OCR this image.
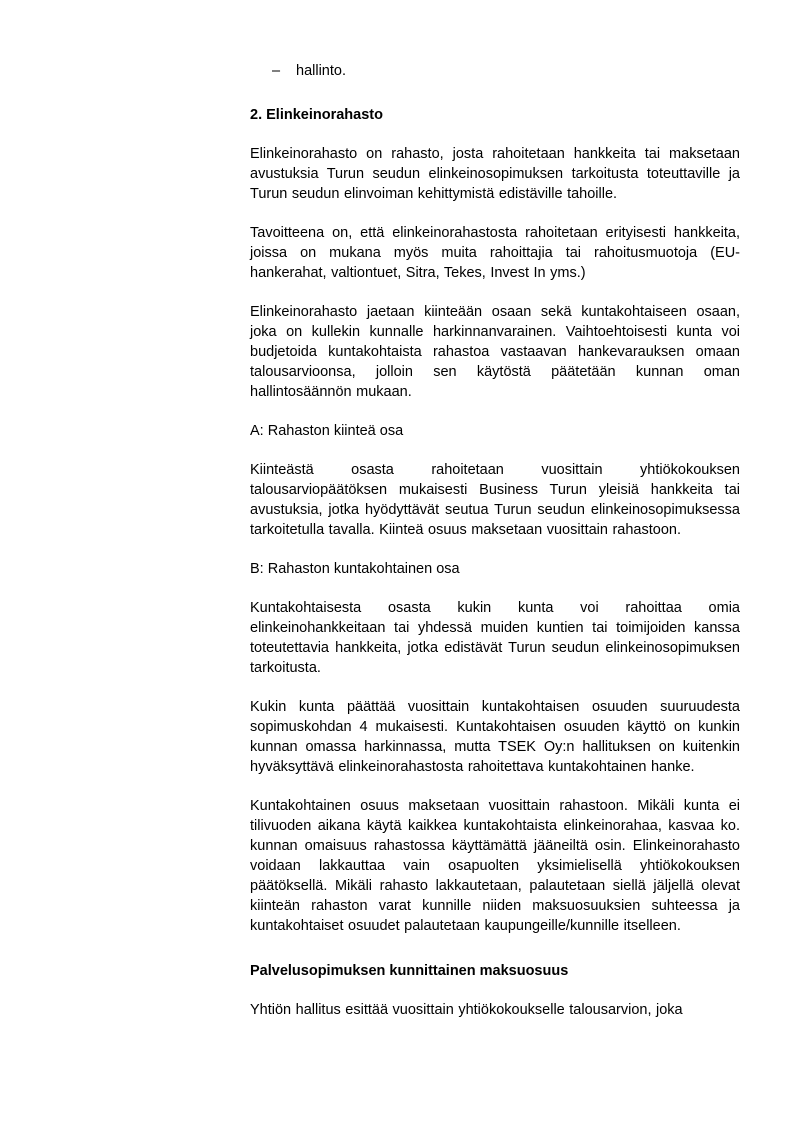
– hallinto.
2. Elinkeinorahasto

Elinkeinorahasto on rahasto, josta rahoitetaan hankkeita tai maksetaan avustuksia Turun seudun elinkeinosopimuksen tarkoitusta toteuttaville ja Turun seudun elinvoiman kehittymistä edistäville tahoille.

Tavoitteena on, että elinkeinorahastosta rahoitetaan erityisesti hankkeita, joissa on mukana myös muita rahoittajia tai rahoitusmuotoja (EU-hankerahat, valtiontuet, Sitra, Tekes, Invest In yms.)

Elinkeinorahasto jaetaan kiinteään osaan sekä kuntakohtaiseen osaan, joka on kullekin kunnalle harkinnanvarainen. Vaihtoehtoisesti kunta voi budjetoida kuntakohtaista rahastoa vastaavan hankevarauksen omaan talousarvioonsa, jolloin sen käytöstä päätetään kunnan oman hallintosäännön mukaan.

A: Rahaston kiinteä osa

Kiinteästä osasta rahoitetaan vuosittain yhtiökokouksen talousarviopäätöksen mukaisesti Business Turun yleisiä hankkeita tai avustuksia, jotka hyödyttävät seutua Turun seudun elinkeinosopimuksessa tarkoitetulla tavalla. Kiinteä osuus maksetaan vuosittain rahastoon.

B: Rahaston kuntakohtainen osa

Kuntakohtaisesta osasta kukin kunta voi rahoittaa omia elinkeinohankkeitaan tai yhdessä muiden kuntien tai toimijoiden kanssa toteutettavia hankkeita, jotka edistävät Turun seudun elinkeinosopimuksen tarkoitusta.

Kukin kunta päättää vuosittain kuntakohtaisen osuuden suuruudesta sopimuskohdan 4 mukaisesti. Kuntakohtaisen osuuden käyttö on kunkin kunnan omassa harkinnassa, mutta TSEK Oy:n hallituksen on kuitenkin hyväksyttävä elinkeinorahastosta rahoitettava kuntakohtainen hanke.

Kuntakohtainen osuus maksetaan vuosittain rahastoon. Mikäli kunta ei tilivuoden aikana käytä kaikkea kuntakohtaista elinkeinorahaa, kasvaa ko. kunnan omaisuus rahastossa käyttämättä jääneiltä osin. Elinkeinorahasto voidaan lakkauttaa vain osapuolten yksimielisellä yhtiökokouksen päätöksellä. Mikäli rahasto lakkautetaan, palautetaan siellä jäljellä olevat kiinteän rahaston varat kunnille niiden maksuosuuksien suhteessa ja kuntakohtaiset osuudet palautetaan kaupungeille/kunnille itselleen.

Palvelusopimuksen kunnittainen maksuosuus

Yhtiön hallitus esittää vuosittain yhtiökokoukselle talousarvion, joka
